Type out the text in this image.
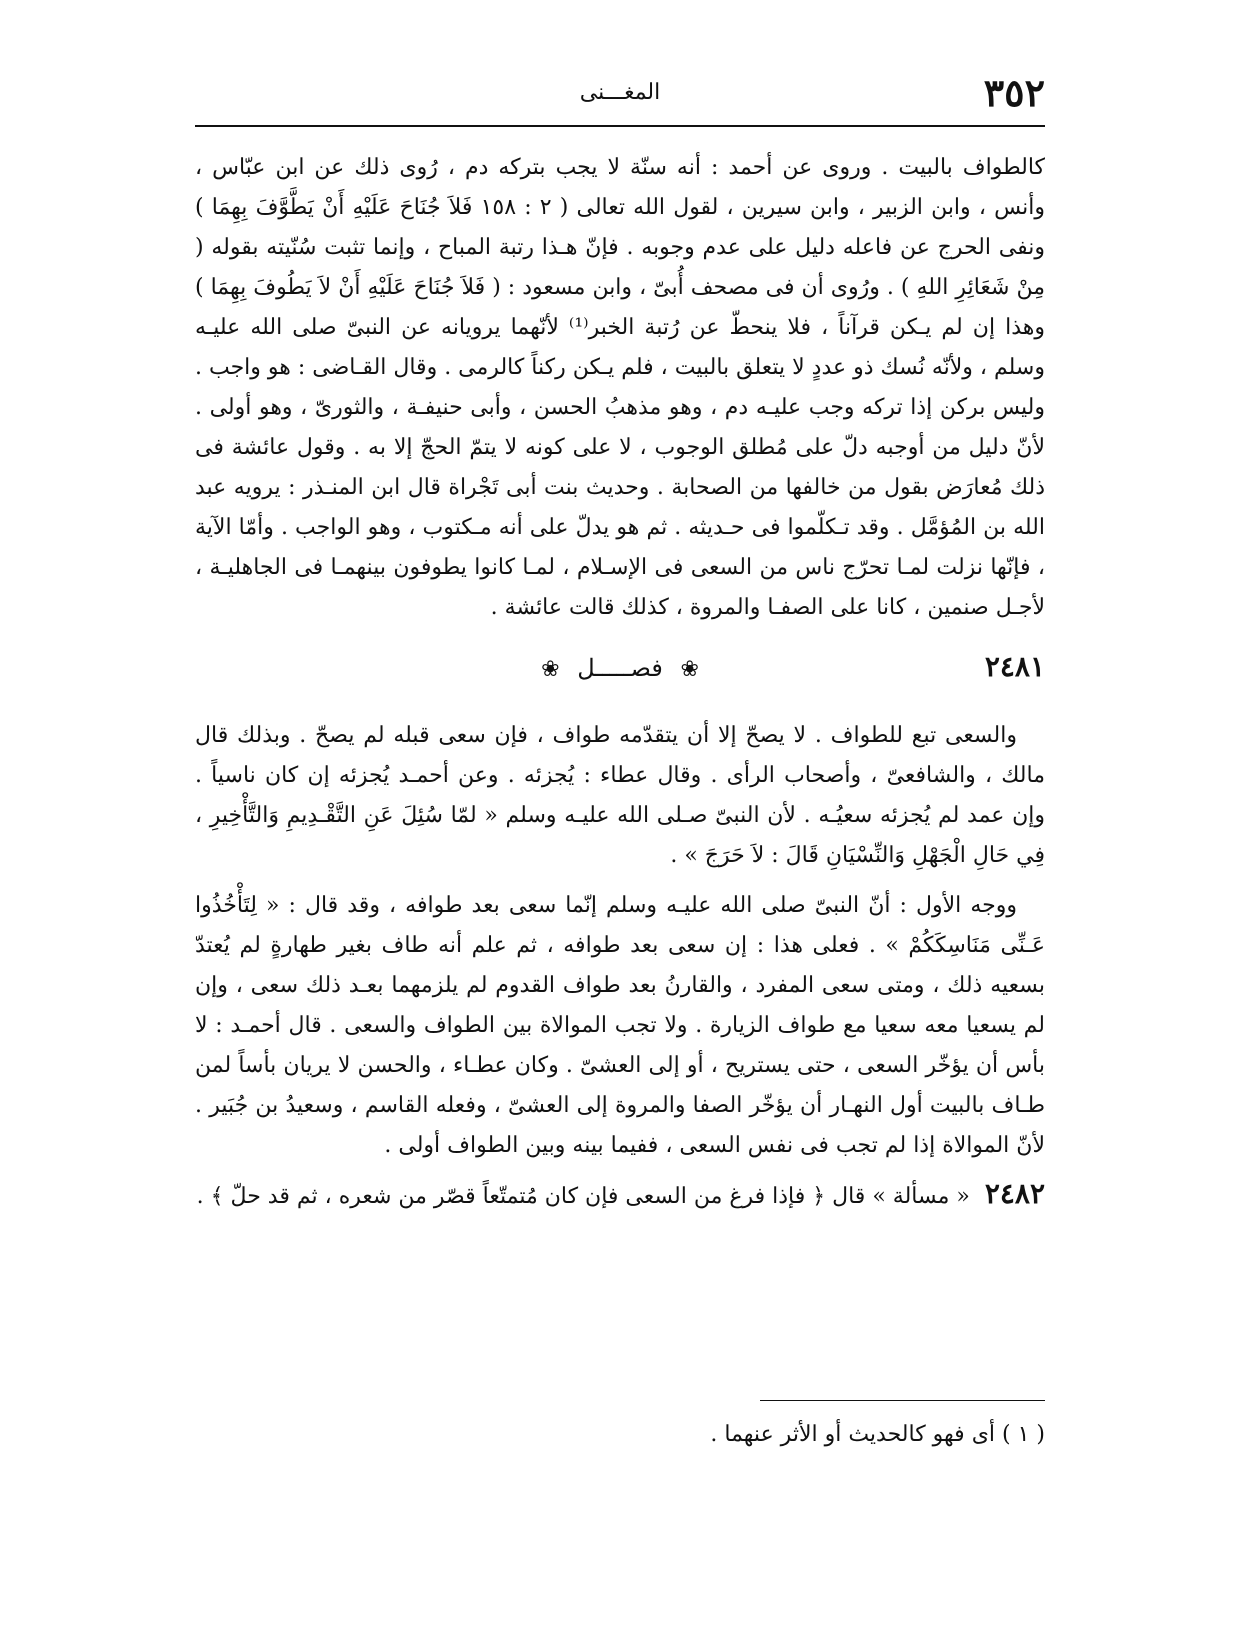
٣٥٢
المغـــنى

كالطواف بالبيت . وروى عن أحمد : أنه سنّة لا يجب بتركه دم ، رُوى ذلك عن ابن عبّاس ، وأنس ، وابن الزبير ، وابن سيرين ، لقول الله تعالى ( ٢ : ١٥٨ فَلاَ جُنَاحَ عَلَيْهِ أَنْ يَطَّوَّفَ بِهِمَا ) ونفى الحرج عن فاعله دليل على عدم وجوبه . فإنّ هـذا رتبة المباح ، وإنما تثبت سُنّيته بقوله ( مِنْ شَعَائِرِ اللهِ ) . ورُوى أن فى مصحف أُبىّ ، وابن مسعود : ( فَلاَ جُنَاحَ عَلَيْهِ أَنْ لاَ يَطُوفَ بِهِمَا ) وهذا إن لم يـكن قرآناً ، فلا ينحطّ عن رُتبة الخبر⁽¹⁾ لأنّهما يرويانه عن النبىّ صلى الله عليـه وسلم ، ولأنّه نُسك ذو عددٍ لا يتعلق بالبيت ، فلم يـكن ركناً كالرمى . وقال القـاضى : هو واجب . وليس بركن إذا تركه وجب عليـه دم ، وهو مذهبُ الحسن ، وأبى حنيفـة ، والثورىّ ، وهو أولى . لأنّ دليل من أوجبه دلّ على مُطلق الوجوب ، لا على كونه لا يتمّ الحجّ إلا به . وقول عائشة فى ذلك مُعارَض بقول من خالفها من الصحابة . وحديث بنت أبى تَجْراة قال ابن المنـذر : يرويه عبد الله بن المُؤمَّل . وقد تـكلّموا فى حـديثه . ثم هو يدلّ على أنه مـكتوب ، وهو الواجب . وأمّا الآية ، فإنّها نزلت لمـا تحرّج ناس من السعى فى الإسـلام ، لمـا كانوا يطوفون بينهمـا فى الجاهليـة ، لأجـل صنمين ، كانا على الصفـا والمروة ، كذلك قالت عائشة .

٢٤٨١
❀ فصـــــل ❀

والسعى تبع للطواف . لا يصحّ إلا أن يتقدّمه طواف ، فإن سعى قبله لم يصحّ . وبذلك قال مالك ، والشافعىّ ، وأصحاب الرأى . وقال عطاء : يُجزئه . وعن أحمـد يُجزئه إن كان ناسياً . وإن عمد لم يُجزئه سعيُـه . لأن النبىّ صـلى الله عليـه وسلم « لمّا سُئِلَ عَنِ التَّقْـدِيمِ وَالتَّأْخِيرِ ، فِي حَالِ الْجَهْلِ وَالنِّسْيَانِ قَالَ : لاَ حَرَجَ » .

ووجه الأول : أنّ النبىّ صلى الله عليـه وسلم إنّما سعى بعد طوافه ، وقد قال : « لِتَأْخُذُوا عَـنِّى مَنَاسِكَكُمْ » . فعلى هذا : إن سعى بعد طوافه ، ثم علم أنه طاف بغير طهارةٍ لم يُعتدّ بسعيه ذلك ، ومتى سعى المفرد ، والقارنُ بعد طواف القدوم لم يلزمهما بعـد ذلك سعى ، وإن لم يسعيا معه سعيا مع طواف الزيارة . ولا تجب الموالاة بين الطواف والسعى . قال أحمـد : لا بأس أن يؤخّر السعى ، حتى يستريح ، أو إلى العشىّ . وكان عطـاء ، والحسن لا يريان بأساً لمن طـاف بالبيت أول النهـار أن يؤخّر الصفا والمروة إلى العشىّ ، وفعله القاسم ، وسعيدُ بن جُبَير . لأنّ الموالاة إذا لم تجب فى نفس السعى ، ففيما بينه وبين الطواف أولى .

٢٤٨٢ « مسألة » قال ﴿ فإذا فرغ من السعى فإن كان مُتمتّعاً قصّر من شعره ، ثم قد حلّ ﴾ .

( ١ ) أى فهو كالحديث أو الأثر عنهما .
